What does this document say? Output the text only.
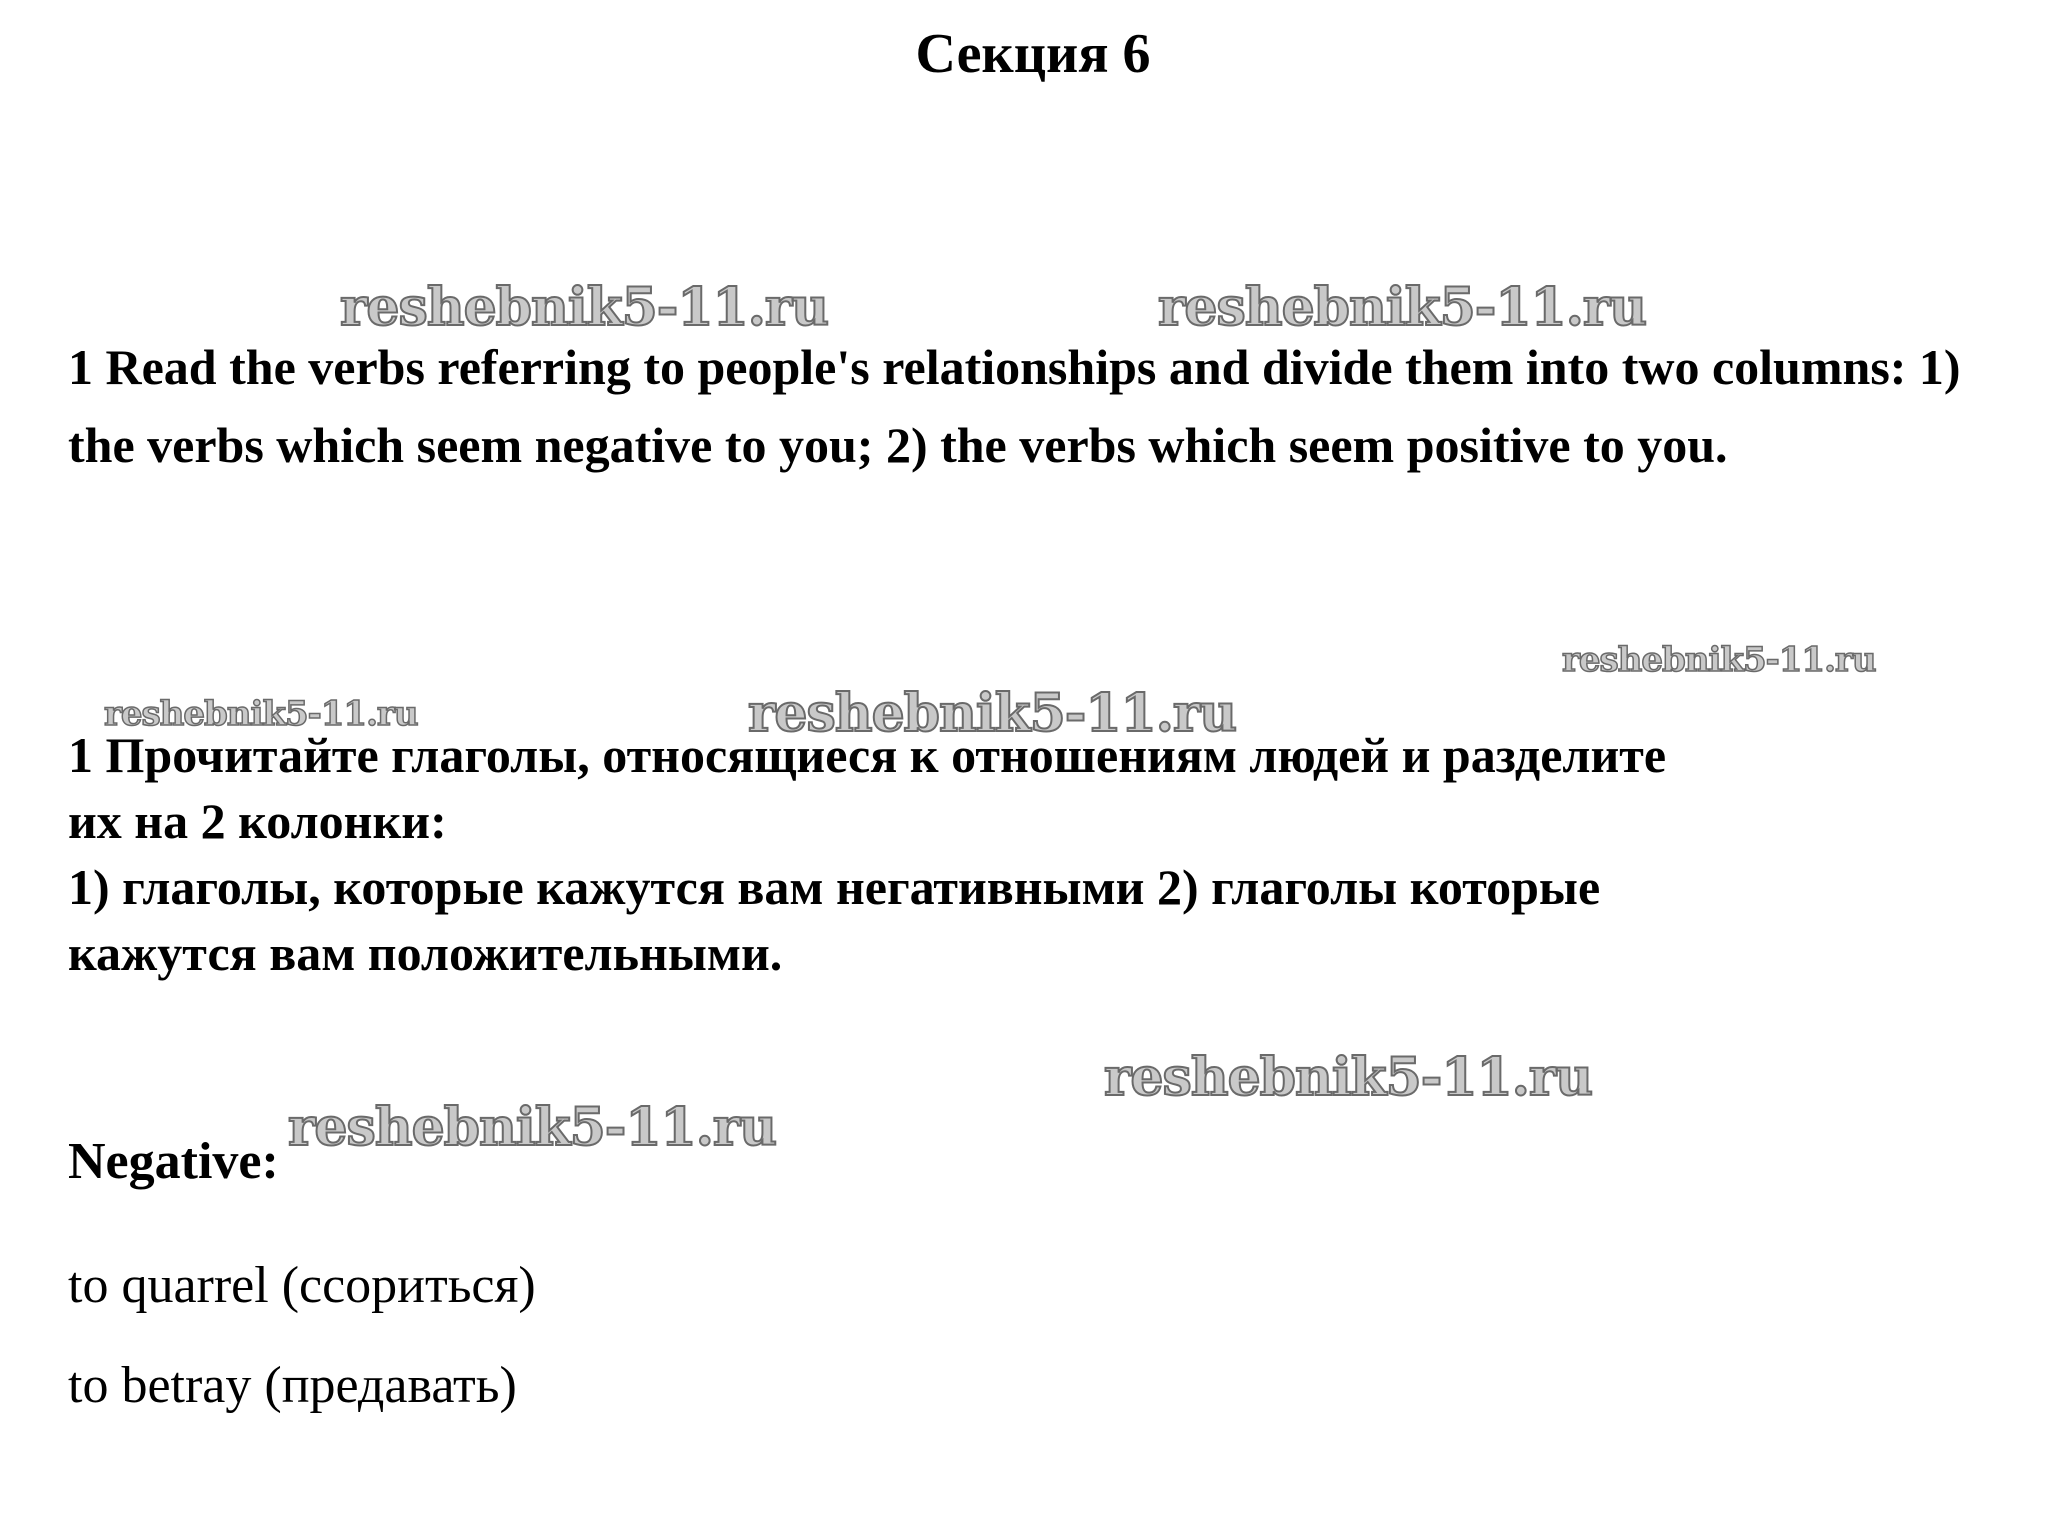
Секция 6

1 Read the verbs referring to people's relationships and divide them into two columns: 1) the verbs which seem negative to you; 2) the verbs which seem positive to you.

1 Прочитайте глаголы, относящиеся к отношениям людей и разделите
их на 2 колонки:
1) глаголы, которые кажутся вам негативными 2) глаголы которые
кажутся вам положительными.

Negative:

to quarrel (ссориться)
to betray (предавать)
reshebnik5-11.ru	reshebnik5-11.ru
reshebnik5-11.ru
reshebnik5-11.ru	reshebnik5-11.ru
reshebnik5-11.ru
reshebnik5-11.ru
